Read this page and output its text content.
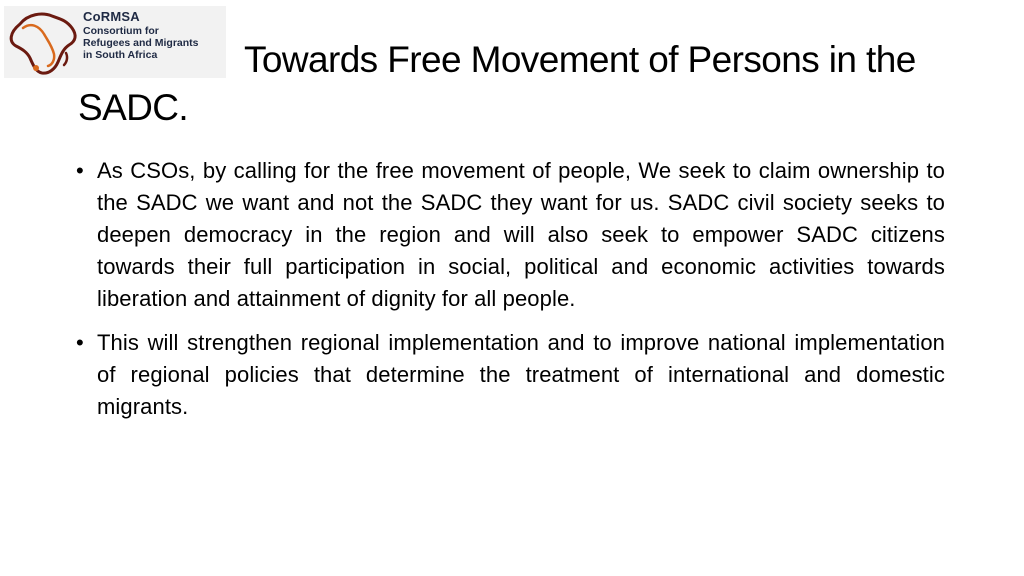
CoRMSA
Consortium for
Refugees and Migrants
in South Africa	Towards Free Movement of Persons in the SADC.
• As CSOs, by calling for the free movement of people, We seek to claim ownership to the SADC we want and not the SADC they want for us. SADC civil society seeks to deepen democracy in the region and will also seek to empower SADC citizens towards their full participation in social, political and economic activities towards liberation and attainment of dignity for all people.
• This will strengthen regional implementation and to improve national implementation of regional policies that determine the treatment of international and domestic migrants.
